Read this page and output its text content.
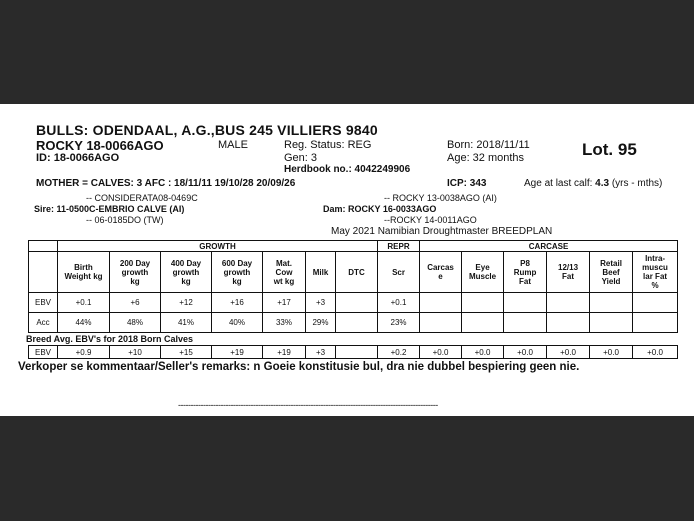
BULLS: ODENDAAL, A.G.,BUS 245 VILLIERS 9840
ROCKY 18-0066AGO
ID: 18-0066AGO
MALE	Reg. Status: REG
Gen: 3
Herdbook no.: 4042249906
Born: 2018/11/11
Age: 32 months	Lot. 95
MOTHER = CALVES: 3 AFC : 18/11/11 19/10/28 20/09/26	ICP: 343	Age at last calf: 4.3 (yrs - mths)
-- CONSIDERATA08-0469C
Sire: 11-0500C-EMBRIO CALVE (AI)
-- 06-0185DO (TW)
-- ROCKY 13-0038AGO (AI)
Dam: ROCKY 16-0033AGO
--ROCKY 14-0011AGO
May 2021 Namibian Droughtmaster BREEDPLAN
	GROWTH							REPR	CARCASE					
	Birth Weight kg	200 Day growth kg	400 Day growth kg	600 Day growth kg	Mat. Cow wt kg	Milk	DTC	Scr	Carcas e	Eye Muscle	P8 Rump Fat	12/13 Fat	Retail Beef Yield	Intra-muscu lar Fat %
EBV	+0.1	+6	+12	+16	+17	+3		+0.1						
Acc	44%	48%	41%	40%	33%	29%		23%						
Breed Avg. EBV's for 2018 Born Calves
EBV	+0.9	+10	+15	+19	+19	+3		+0.2	+0.0	+0.0	+0.0	+0.0	+0.0	+0.0
Verkoper se kommentaar/Seller's remarks: n Goeie konstitusie bul, dra nie dubbel bespiering geen nie.
--------------------------------------------------------------------------------------------------------
